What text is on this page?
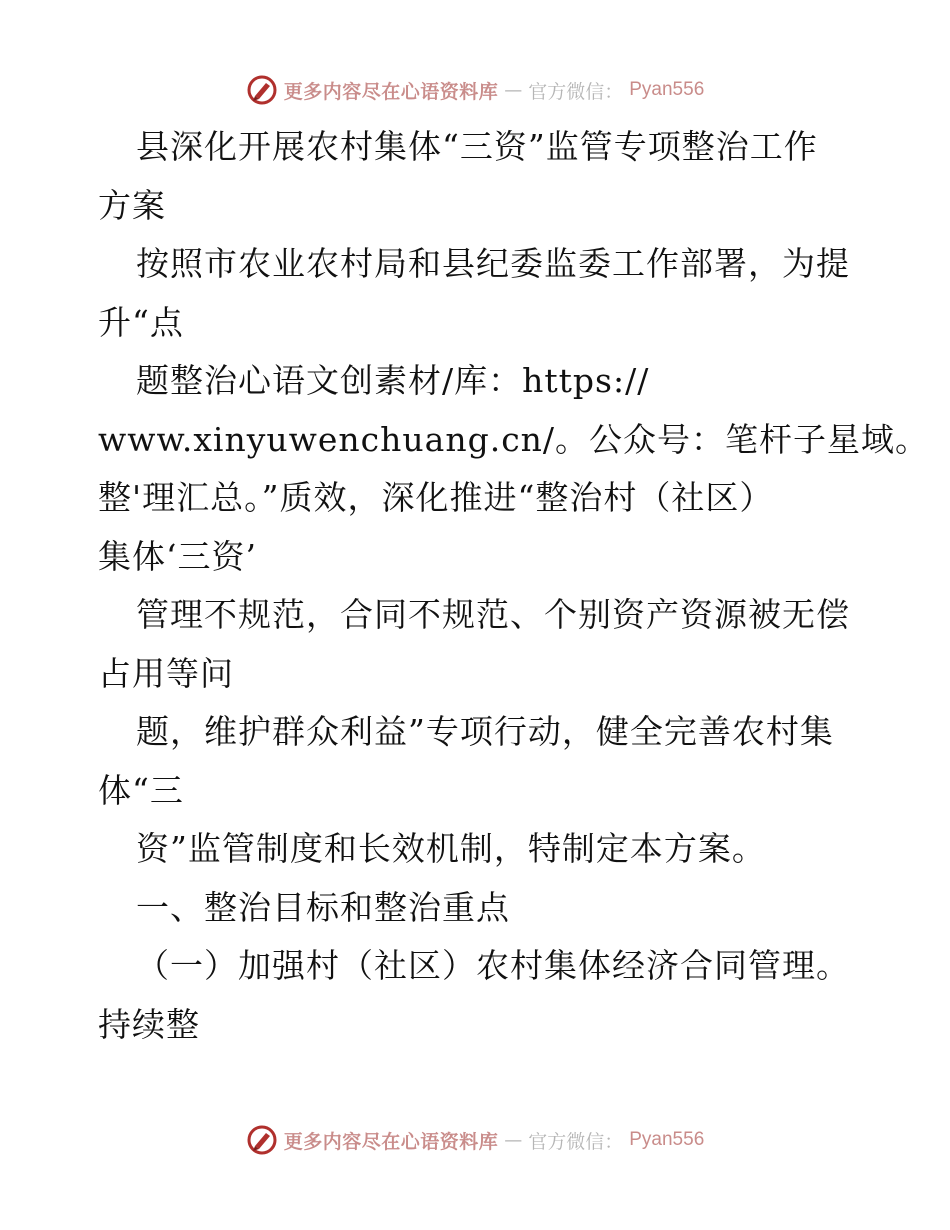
更多内容尽在心语资料库 — 官方微信： Pyan556
县深化开展农村集体“三资”监管专项整治工作
方案
按照市农业农村局和县纪委监委工作部署，为提
升“点
题整治心语文创素材/库：https://
www.xinyuwenchuang.cn/。公众号：笔杆子星域。
整'理汇总。”质效，深化推进“整治村（社区）
集体‘三资’
管理不规范，合同不规范、个别资产资源被无偿
占用等问
题，维护群众利益”专项行动，健全完善农村集
体“三
资”监管制度和长效机制，特制定本方案。
一、整治目标和整治重点
（一）加强村（社区）农村集体经济合同管理。
持续整
更多内容尽在心语资料库 — 官方微信： Pyan556
